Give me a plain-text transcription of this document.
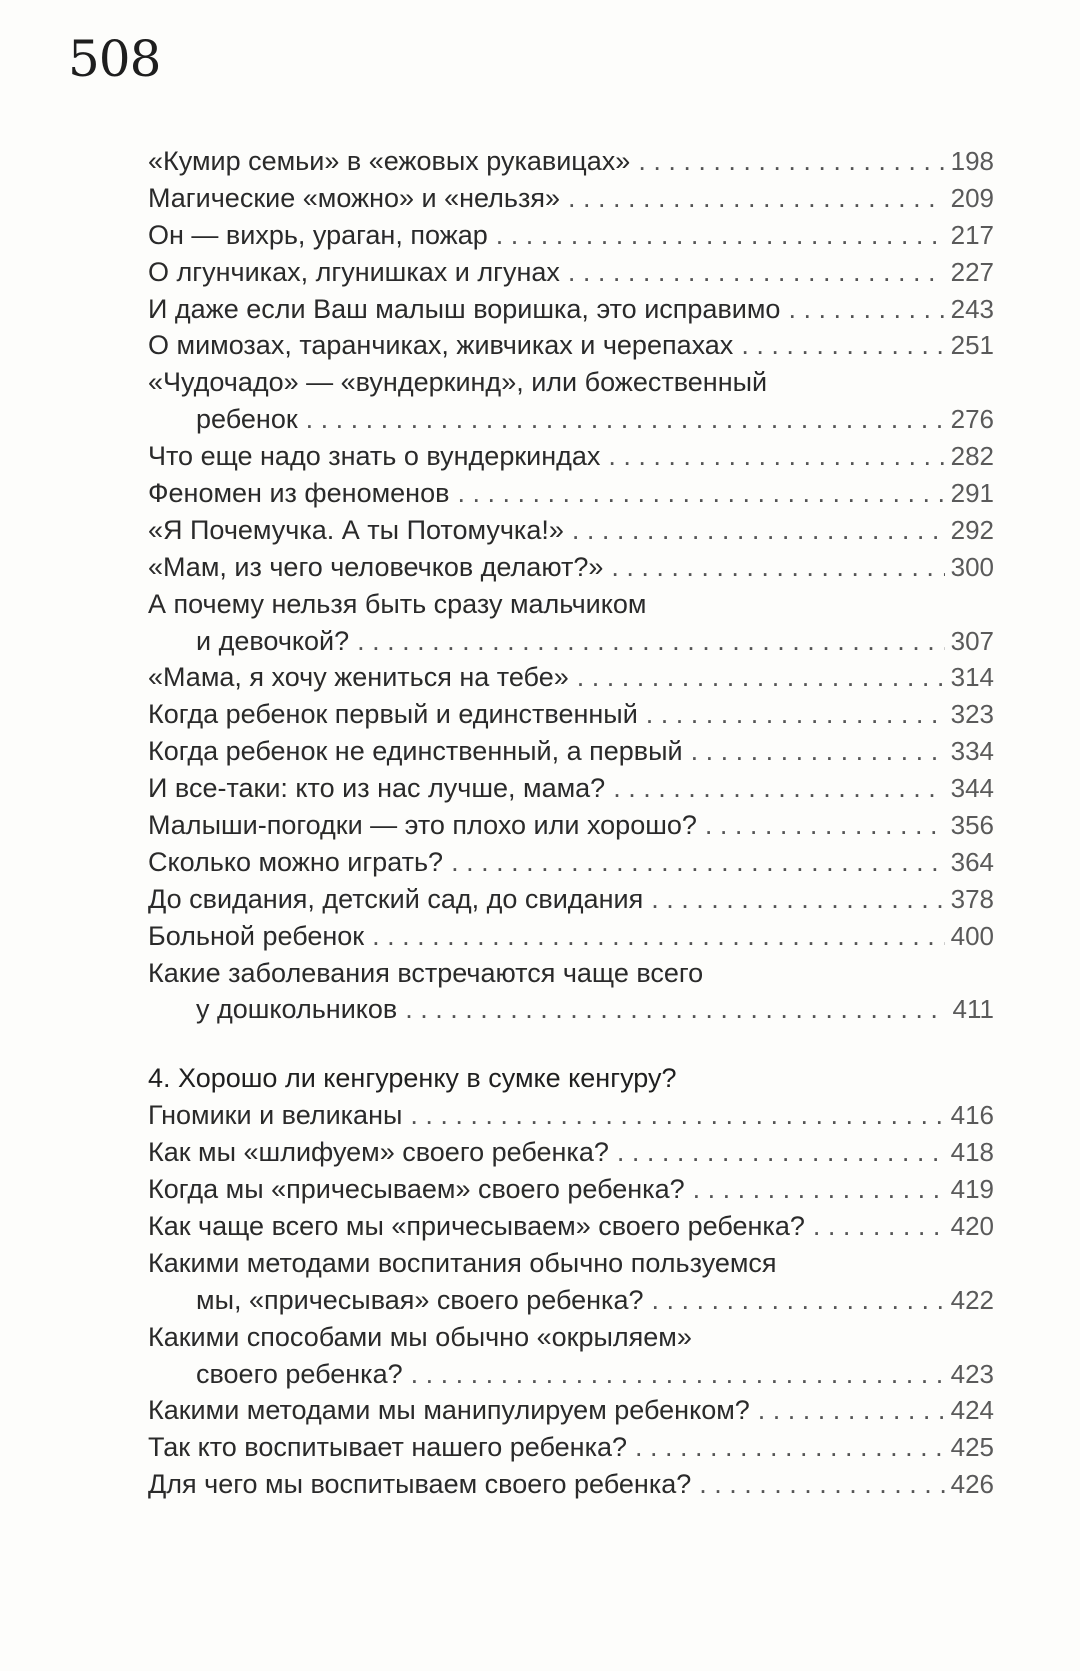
508
«Кумир семьи» в «ежовых рукавицах» . . .	198
Магические «можно» и «нельзя» . . .	209
Он — вихрь, ураган, пожар . . .	217
О лгунчиках, лгунишках и лгунах . . .	227
И даже если Ваш малыш воришка, это исправимо . . .	243
О мимозах, таранчиках, живчиках и черепахах . . .	251
«Чудочадо» — «вундеркинд», или божественный
ребенок . . .	276
Что еще надо знать о вундеркиндах . . .	282
Феномен из феноменов . . .	291
«Я Почемучка. А ты Потомучка!» . . .	292
«Мам, из чего человечков делают?» . . .	300
А почему нельзя быть сразу мальчиком
и девочкой? . . .	307
«Мама, я хочу жениться на тебе» . . .	314
Когда ребенок первый и единственный . . .	323
Когда ребенок не единственный, а первый . . .	334
И все-таки: кто из нас лучше, мама? . . .	344
Малыши-погодки — это плохо или хорошо? . . .	356
Сколько можно играть? . . .	364
До свидания, детский сад, до свидания . . .	378
Больной ребенок . . .	400
Какие заболевания встречаются чаще всего
у дошкольников . . .	411
4. Хорошо ли кенгуренку в сумке кенгуру?
Гномики и великаны . . .	416
Как мы «шлифуем» своего ребенка? . . .	418
Когда мы «причесываем» своего ребенка? . . .	419
Как чаще всего мы «причесываем» своего ребенка? . . .	420
Какими методами воспитания обычно пользуемся
мы, «причесывая» своего ребенка? . . .	422
Какими способами мы обычно «окрыляем»
своего ребенка? . . .	423
Какими методами мы манипулируем ребенком? . . .	424
Так кто воспитывает нашего ребенка? . . .	425
Для чего мы воспитываем своего ребенка? . . .	426
